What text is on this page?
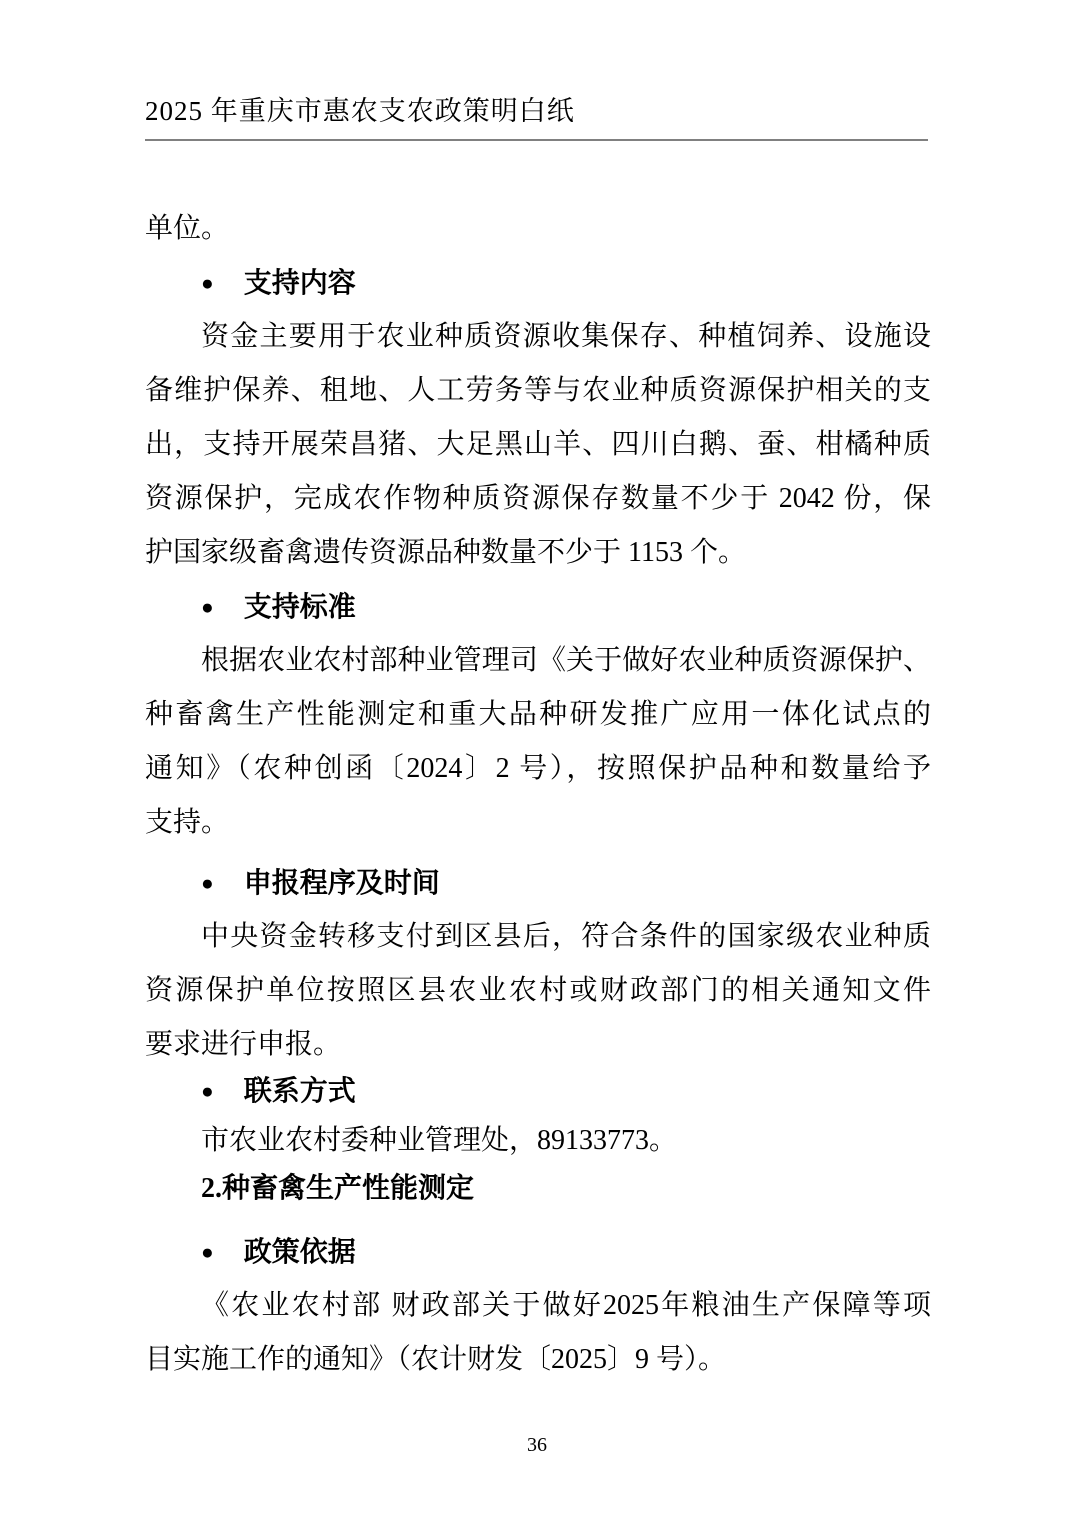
2025 年重庆市惠农支农政策明白纸
单位。
● 支持内容
资金主要用于农业种质资源收集保存、种植饲养、设施设
备维护保养、租地、人工劳务等与农业种质资源保护相关的支
出，支持开展荣昌猪、大足黑山羊、四川白鹅、蚕、柑橘种质
资源保护，完成农作物种质资源保存数量不少于 2042 份，保
护国家级畜禽遗传资源品种数量不少于 1153 个。
● 支持标准
根据农业农村部种业管理司《关于做好农业种质资源保护、
种畜禽生产性能测定和重大品种研发推广应用一体化试点的
通知》（农种创函〔2024〕2 号），按照保护品种和数量给予
支持。
● 申报程序及时间
中央资金转移支付到区县后，符合条件的国家级农业种质
资源保护单位按照区县农业农村或财政部门的相关通知文件
要求进行申报。
● 联系方式
市农业农村委种业管理处，89133773。
2.种畜禽生产性能测定
● 政策依据
《农业农村部 财政部关于做好2025年粮油生产保障等项
目实施工作的通知》（农计财发〔2025〕9 号）。
36
